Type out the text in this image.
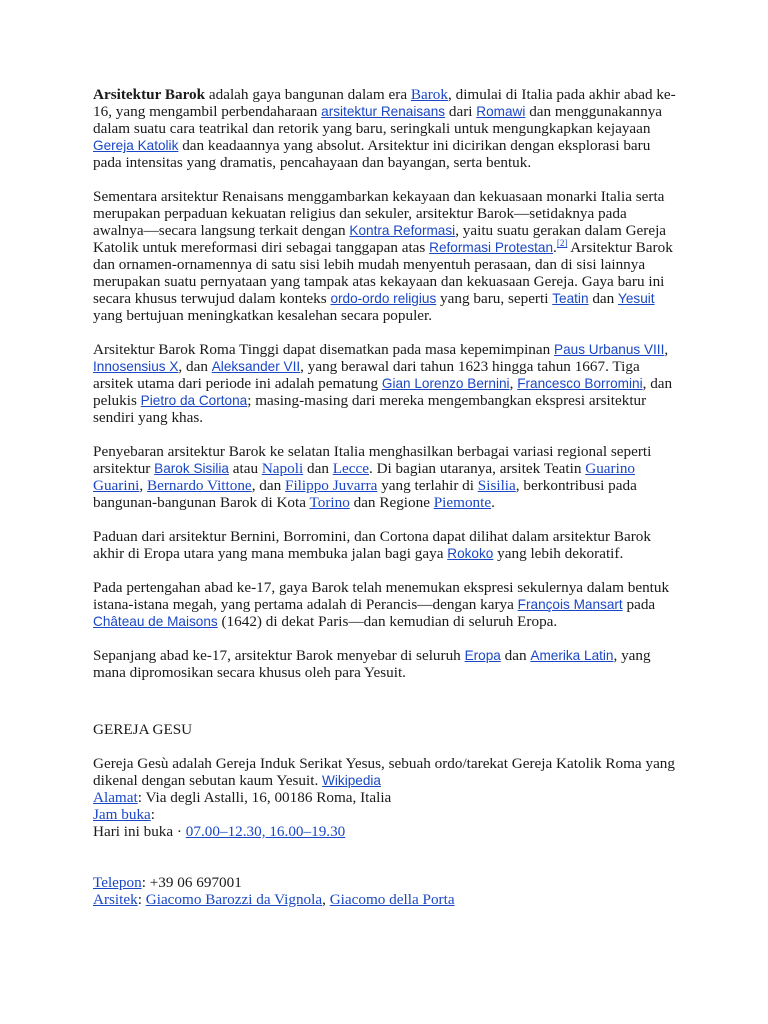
Arsitektur Barok adalah gaya bangunan dalam era Barok, dimulai di Italia pada akhir abad ke-16, yang mengambil perbendaharaan arsitektur Renaisans dari Romawi dan menggunakannya dalam suatu cara teatrikal dan retorik yang baru, seringkali untuk mengungkapkan kejayaan Gereja Katolik dan keadaannya yang absolut. Arsitektur ini dicirikan dengan eksplorasi baru pada intensitas yang dramatis, pencahayaan dan bayangan, serta bentuk.

Sementara arsitektur Renaisans menggambarkan kekayaan dan kekuasaan monarki Italia serta merupakan perpaduan kekuatan religius dan sekuler, arsitektur Barok—setidaknya pada awalnya—secara langsung terkait dengan Kontra Reformasi, yaitu suatu gerakan dalam Gereja Katolik untuk mereformasi diri sebagai tanggapan atas Reformasi Protestan.[2] Arsitektur Barok dan ornamen-ornamennya di satu sisi lebih mudah menyentuh perasaan, dan di sisi lainnya merupakan suatu pernyataan yang tampak atas kekayaan dan kekuasaan Gereja. Gaya baru ini secara khusus terwujud dalam konteks ordo-ordo religius yang baru, seperti Teatin dan Yesuit yang bertujuan meningkatkan kesalehan secara populer.

Arsitektur Barok Roma Tinggi dapat disematkan pada masa kepemimpinan Paus Urbanus VIII, Innosensius X, dan Aleksander VII, yang berawal dari tahun 1623 hingga tahun 1667. Tiga arsitek utama dari periode ini adalah pematung Gian Lorenzo Bernini, Francesco Borromini, dan pelukis Pietro da Cortona; masing-masing dari mereka mengembangkan ekspresi arsitektur sendiri yang khas.

Penyebaran arsitektur Barok ke selatan Italia menghasilkan berbagai variasi regional seperti arsitektur Barok Sisilia atau Napoli dan Lecce. Di bagian utaranya, arsitek Teatin Guarino Guarini, Bernardo Vittone, dan Filippo Juvarra yang terlahir di Sisilia, berkontribusi pada bangunan-bangunan Barok di Kota Torino dan Regione Piemonte.

Paduan dari arsitektur Bernini, Borromini, dan Cortona dapat dilihat dalam arsitektur Barok akhir di Eropa utara yang mana membuka jalan bagi gaya Rokoko yang lebih dekoratif.

Pada pertengahan abad ke-17, gaya Barok telah menemukan ekspresi sekulernya dalam bentuk istana-istana megah, yang pertama adalah di Perancis—dengan karya François Mansart pada Château de Maisons (1642) di dekat Paris—dan kemudian di seluruh Eropa.

Sepanjang abad ke-17, arsitektur Barok menyebar di seluruh Eropa dan Amerika Latin, yang mana dipromosikan secara khusus oleh para Yesuit.

GEREJA GESU

Gereja Gesù adalah Gereja Induk Serikat Yesus, sebuah ordo/tarekat Gereja Katolik Roma yang dikenal dengan sebutan kaum Yesuit. Wikipedia
Alamat: Via degli Astalli, 16, 00186 Roma, Italia
Jam buka:
Hari ini buka · 07.00–12.30, 16.00–19.30

Telepon: +39 06 697001
Arsitek: Giacomo Barozzi da Vignola, Giacomo della Porta
